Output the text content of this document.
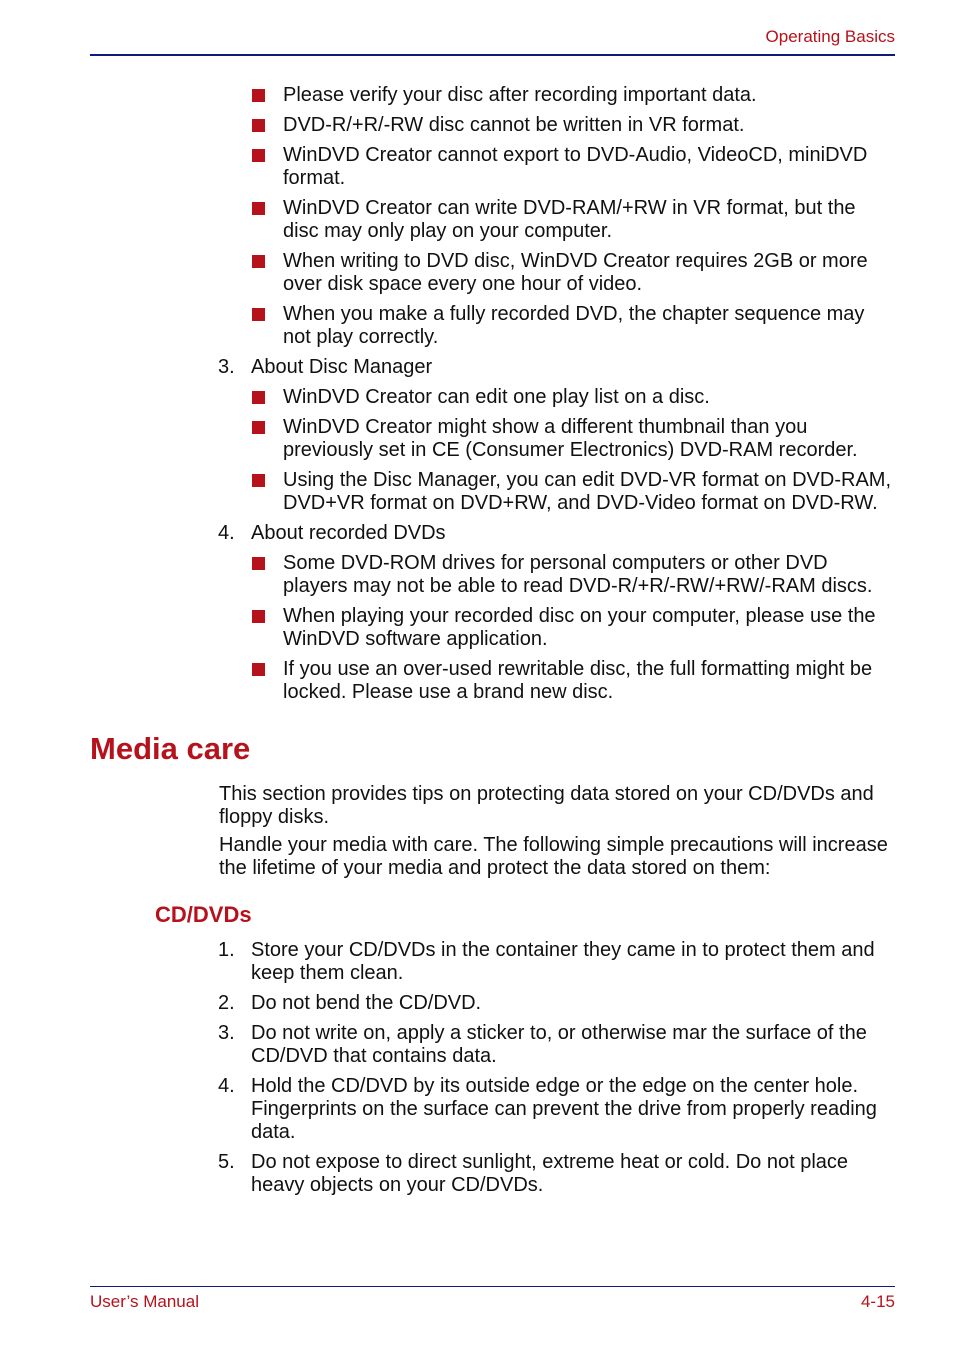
Operating Basics
Please verify your disc after recording important data.
DVD-R/+R/-RW disc cannot be written in VR format.
WinDVD Creator cannot export to DVD-Audio, VideoCD, miniDVD format.
WinDVD Creator can write DVD-RAM/+RW in VR format, but the disc may only play on your computer.
When writing to DVD disc, WinDVD Creator requires 2GB or more over disk space every one hour of video.
When you make a fully recorded DVD, the chapter sequence may not play correctly.
3. About Disc Manager
WinDVD Creator can edit one play list on a disc.
WinDVD Creator might show a different thumbnail than you previously set in CE (Consumer Electronics) DVD-RAM recorder.
Using the Disc Manager, you can edit DVD-VR format on DVD-RAM, DVD+VR format on DVD+RW, and DVD-Video format on DVD-RW.
4. About recorded DVDs
Some DVD-ROM drives for personal computers or other DVD players may not be able to read DVD-R/+R/-RW/+RW/-RAM discs.
When playing your recorded disc on your computer, please use the WinDVD software application.
If you use an over-used rewritable disc, the full formatting might be locked. Please use a brand new disc.
Media care

This section provides tips on protecting data stored on your CD/DVDs and floppy disks.

Handle your media with care. The following simple precautions will increase the lifetime of your media and protect the data stored on them:

CD/DVDs
1. Store your CD/DVDs in the container they came in to protect them and keep them clean.
2. Do not bend the CD/DVD.
3. Do not write on, apply a sticker to, or otherwise mar the surface of the CD/DVD that contains data.
4. Hold the CD/DVD by its outside edge or the edge on the center hole. Fingerprints on the surface can prevent the drive from properly reading data.
5. Do not expose to direct sunlight, extreme heat or cold. Do not place heavy objects on your CD/DVDs.
User’s Manual	4-15
